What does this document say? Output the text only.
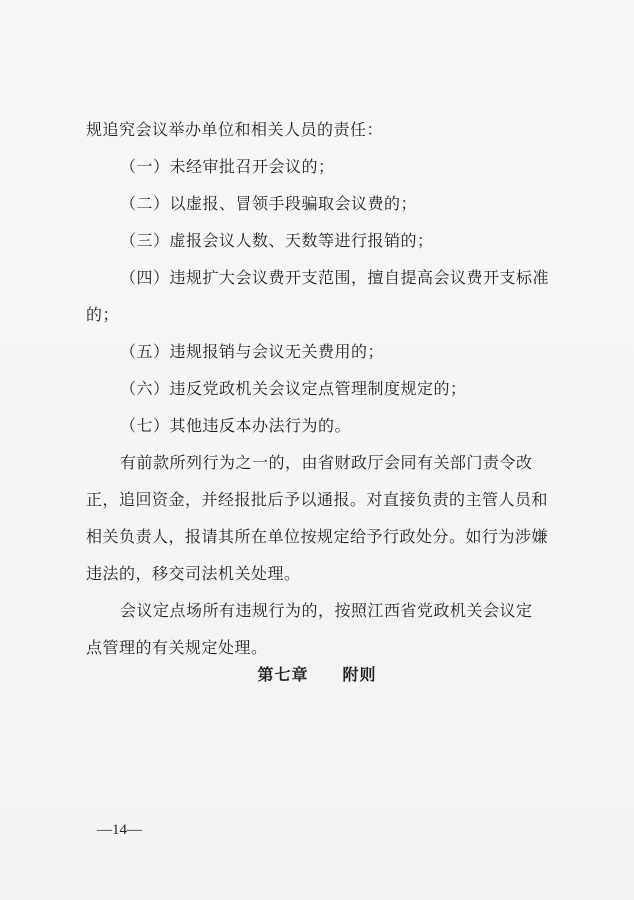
规追究会议举办单位和相关人员的责任：
（一）未经审批召开会议的；
（二）以虚报、冒领手段骗取会议费的；
（三）虚报会议人数、天数等进行报销的；
（四）违规扩大会议费开支范围，擅自提高会议费开支标准
的；
（五）违规报销与会议无关费用的；
（六）违反党政机关会议定点管理制度规定的；
（七）其他违反本办法行为的。
有前款所列行为之一的，由省财政厅会同有关部门责令改
正，追回资金，并经报批后予以通报。对直接负责的主管人员和
相关负责人，报请其所在单位按规定给予行政处分。如行为涉嫌
违法的，移交司法机关处理。
会议定点场所有违规行为的，按照江西省党政机关会议定
点管理的有关规定处理。
第七章　　附则
—14—
